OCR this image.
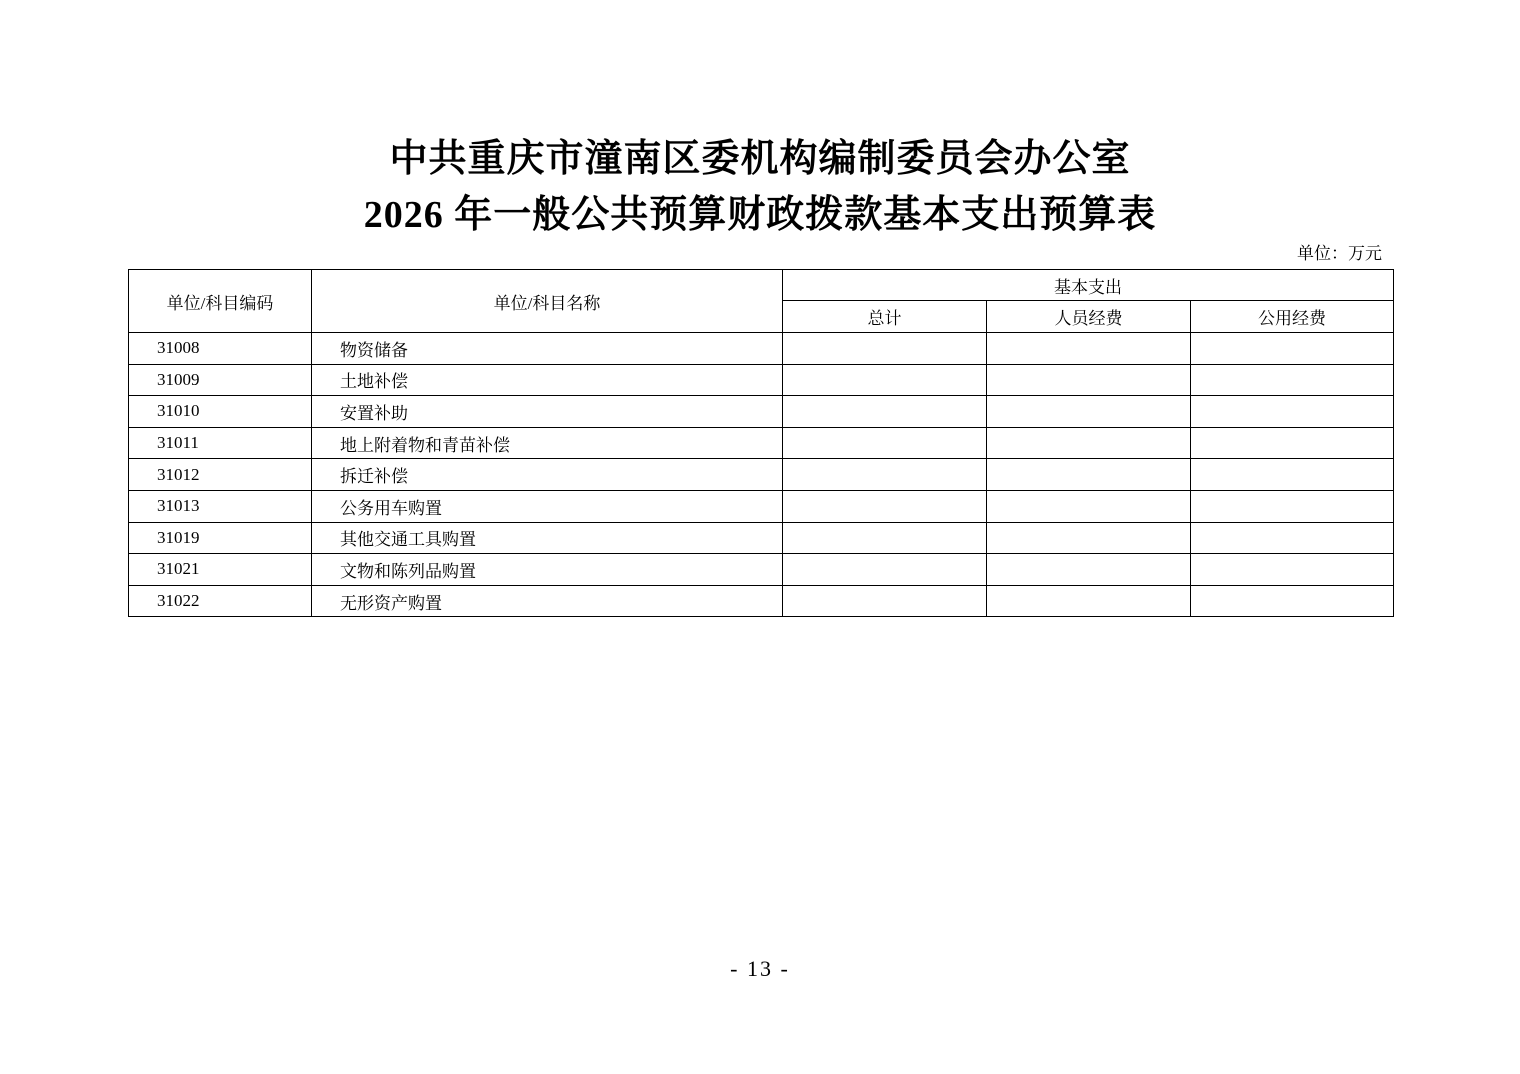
中共重庆市潼南区委机构编制委员会办公室
2026 年一般公共预算财政拨款基本支出预算表
单位：万元
单位/科目编码	单位/科目名称	基本支出		
		总计	人员经费	公用经费
31008	物资储备			
31009	土地补偿			
31010	安置补助			
31011	地上附着物和青苗补偿			
31012	拆迁补偿			
31013	公务用车购置			
31019	其他交通工具购置			
31021	文物和陈列品购置			
31022	无形资产购置			
- 13 -
